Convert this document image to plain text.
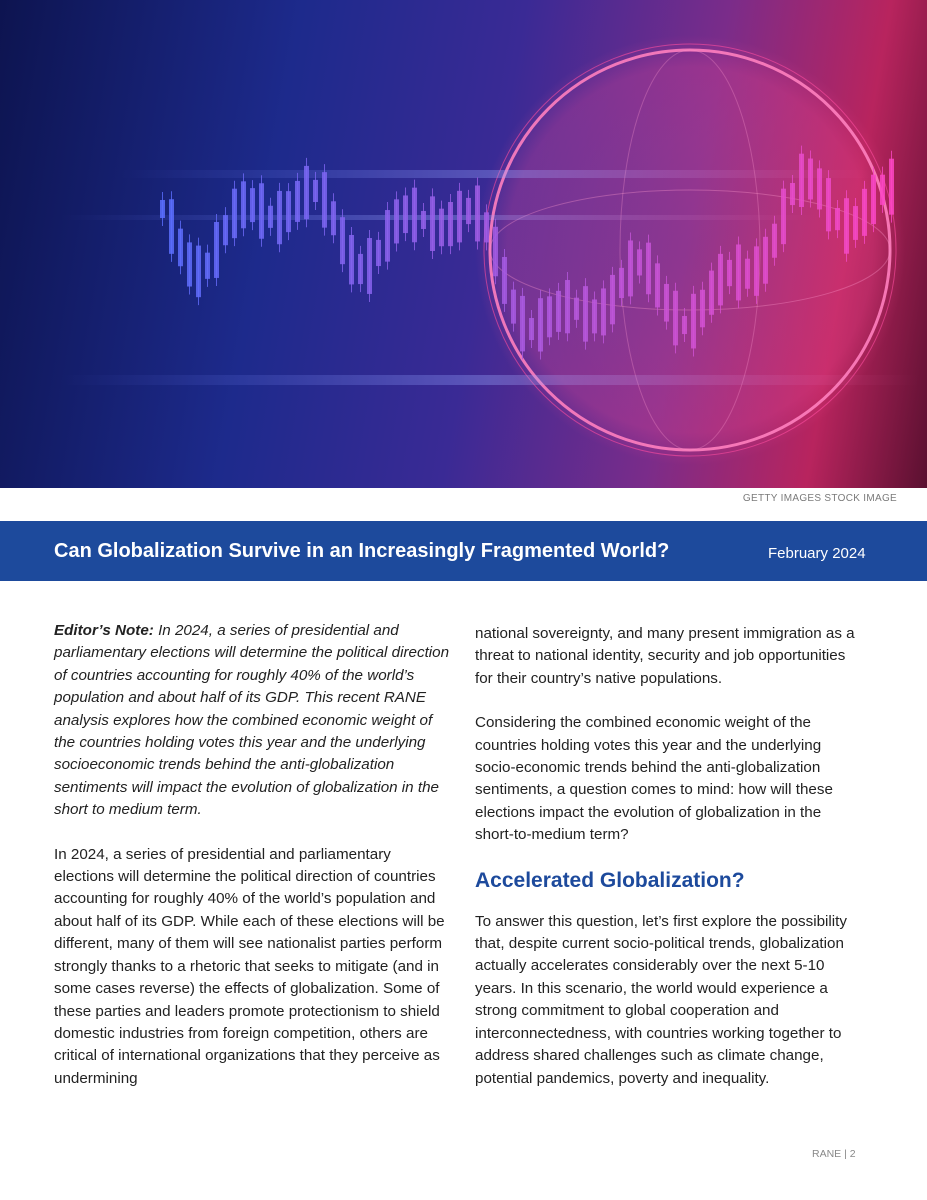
GETTY IMAGES STOCK IMAGE
Can Globalization Survive in an Increasingly Fragmented World?	February 2024

Editor’s Note: In 2024, a series of presidential and parliamentary elections will determine the political direction of countries accounting for roughly 40% of the world’s population and about half of its GDP. This recent RANE analysis explores how the combined economic weight of the countries holding votes this year and the underlying socioeconomic trends behind the anti-globalization sentiments will impact the evolution of globalization in the short to medium term.

In 2024, a series of presidential and parliamentary elections will determine the political direction of countries accounting for roughly 40% of the world’s population and about half of its GDP. While each of these elections will be different, many of them will see nationalist parties perform strongly thanks to a rhetoric that seeks to mitigate (and in some cases reverse) the effects of globalization. Some of these parties and leaders promote protectionism to shield domestic industries from foreign competition, others are critical of international organizations that they perceive as undermining

national sovereignty, and many present immigration as a threat to national identity, security and job opportunities for their country’s native populations.

Considering the combined economic weight of the countries holding votes this year and the underlying socio-economic trends behind the anti-globalization sentiments, a question comes to mind: how will these elections impact the evolution of globalization in the short-to-medium term?

Accelerated Globalization?

To answer this question, let’s first explore the possibility that, despite current socio-political trends, globalization actually accelerates considerably over the next 5-10 years. In this scenario, the world would experience a strong commitment to global cooperation and interconnectedness, with countries working together to address shared challenges such as climate change, potential pandemics, poverty and inequality.

RANE | 2
